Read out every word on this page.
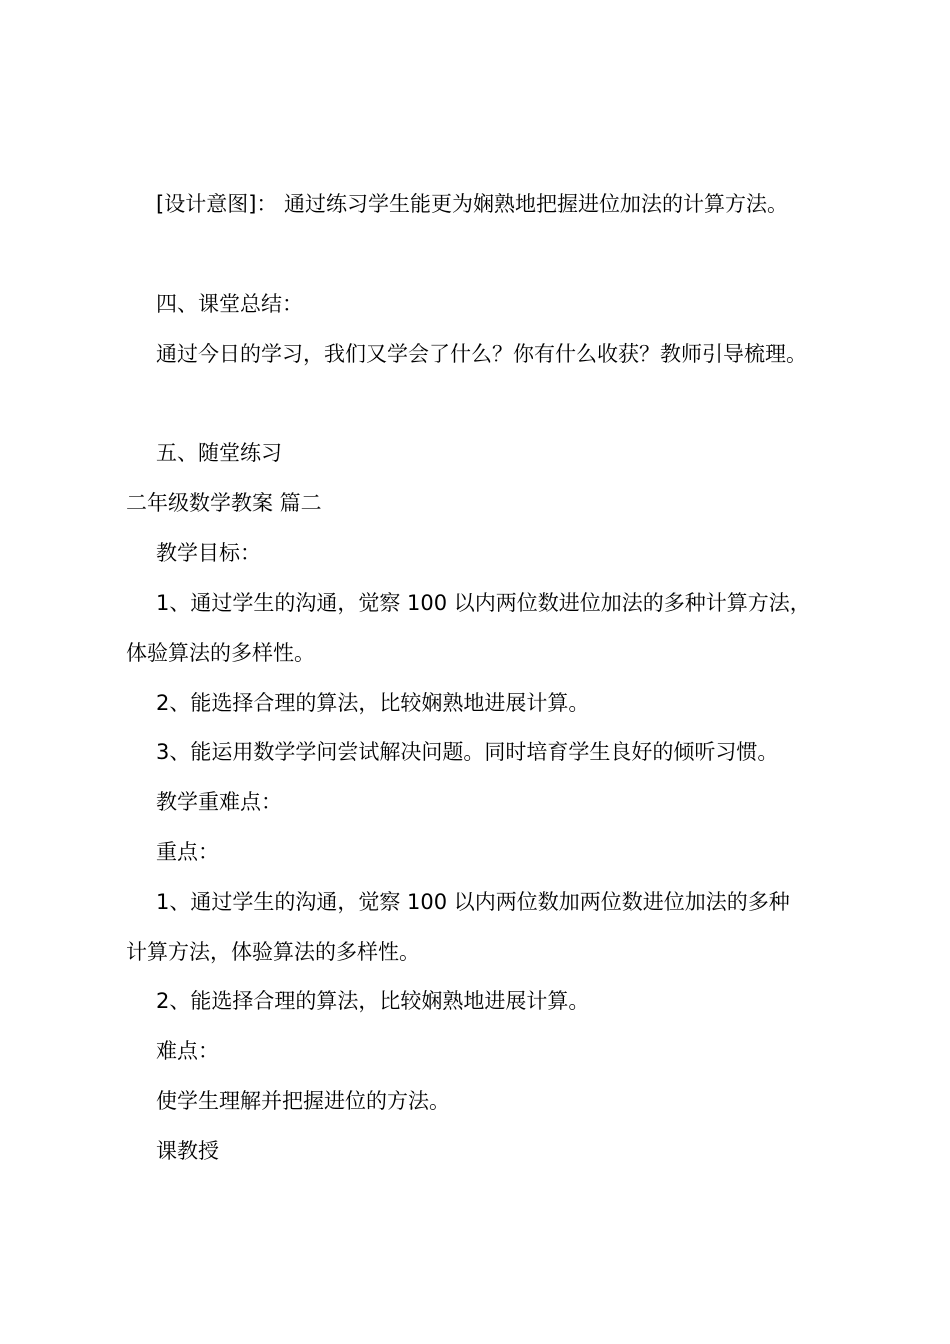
[设计意图]： 通过练习学生能更为娴熟地把握进位加法的计算方法。
四、课堂总结：
通过今日的学习，我们又学会了什么？你有什么收获？教师引导梳理。
五、随堂练习
二年级数学教案 篇二
教学目标：
1、通过学生的沟通，觉察 100 以内两位数进位加法的多种计算方法，
体验算法的多样性。
2、能选择合理的算法，比较娴熟地进展计算。
3、能运用数学学问尝试解决问题。同时培育学生良好的倾听习惯。
教学重难点：
重点：
1、通过学生的沟通，觉察 100 以内两位数加两位数进位加法的多种
计算方法，体验算法的多样性。
2、能选择合理的算法，比较娴熟地进展计算。
难点：
使学生理解并把握进位的方法。
课教授
